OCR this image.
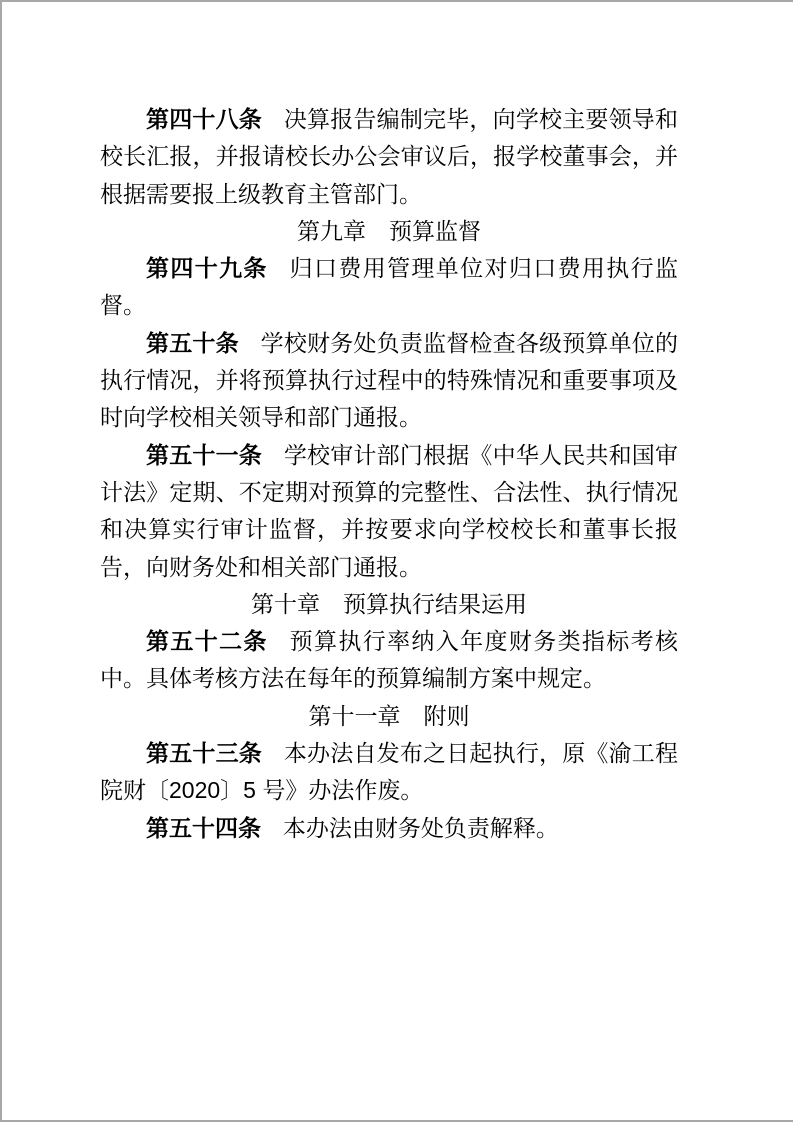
第四十八条 决算报告编制完毕，向学校主要领导和校长汇报，并报请校长办公会审议后，报学校董事会，并根据需要报上级教育主管部门。

第九章　预算监督

第四十九条 归口费用管理单位对归口费用执行监督。

第五十条 学校财务处负责监督检查各级预算单位的执行情况，并将预算执行过程中的特殊情况和重要事项及时向学校相关领导和部门通报。

第五十一条 学校审计部门根据《中华人民共和国审计法》定期、不定期对预算的完整性、合法性、执行情况和决算实行审计监督，并按要求向学校校长和董事长报告，向财务处和相关部门通报。

第十章　预算执行结果运用

第五十二条 预算执行率纳入年度财务类指标考核中。具体考核方法在每年的预算编制方案中规定。

第十一章　附则

第五十三条 本办法自发布之日起执行，原《渝工程院财〔2020〕5 号》办法作废。

第五十四条 本办法由财务处负责解释。
